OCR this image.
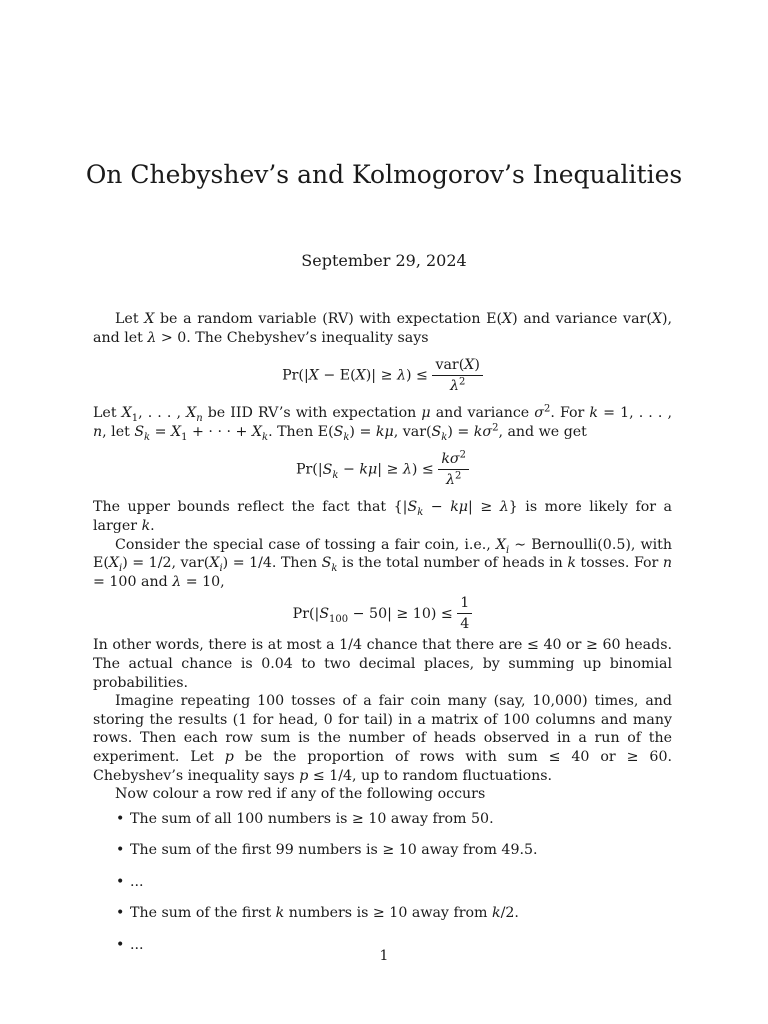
On Chebyshev’s and Kolmogorov’s Inequalities
September 29, 2024

Let X be a random variable (RV) with expectation E(X) and variance var(X), and let λ > 0. The Chebyshev’s inequality says

$Pr(|X - E(X)| \ge \lambda) \le \frac{\text{var(X)}}{\lambda^2}$

Let $X_1$, . . . , $X_n$ be IID RV’s with expectation μ and variance $\sigma^2$. For k = 1, . . . , n, let $S_k = X_1$ + · · · + $X_k$. Then $E(S_k) = k\mu$, $var(S_k) = k\sigma^2$, and we get

$Pr(|S_k - k\mu| \ge \lambda) \le \frac{k\sigma^2}{\lambda^2}$

The upper bounds reflect the fact that $\{|S_k - k\mu| \ge \lambda\}$ is more likely for a larger k.

Consider the special case of tossing a fair coin, i.e., $X_i$ ∼ Bernoulli(0.5), with $E(X_i) = 1/2$, $var(X_i) = 1/4$. Then $S_k$ is the total number of heads in k tosses. For n = 100 and λ = 10,

$Pr(|S_{100} - 50| \ge 10) \le \frac{1}{4}$

In other words, there is at most a 1/4 chance that there are ≤ 40 or ≥ 60 heads. The actual chance is 0.04 to two decimal places, by summing up binomial probabilities.

Imagine repeating 100 tosses of a fair coin many (say, 10,000) times, and storing the results (1 for head, 0 for tail) in a matrix of 100 columns and many rows. Then each row sum is the number of heads observed in a run of the experiment. Let p be the proportion of rows with sum ≤ 40 or ≥ 60. Chebyshev’s inequality says p ≤ 1/4, up to random fluctuations.

Now colour a row red if any of the following occurs

• The sum of all 100 numbers is ≥ 10 away from 50.
• The sum of the first 99 numbers is ≥ 10 away from 49.5.
• ...
• The sum of the first k numbers is ≥ 10 away from k/2.
• ...
1
